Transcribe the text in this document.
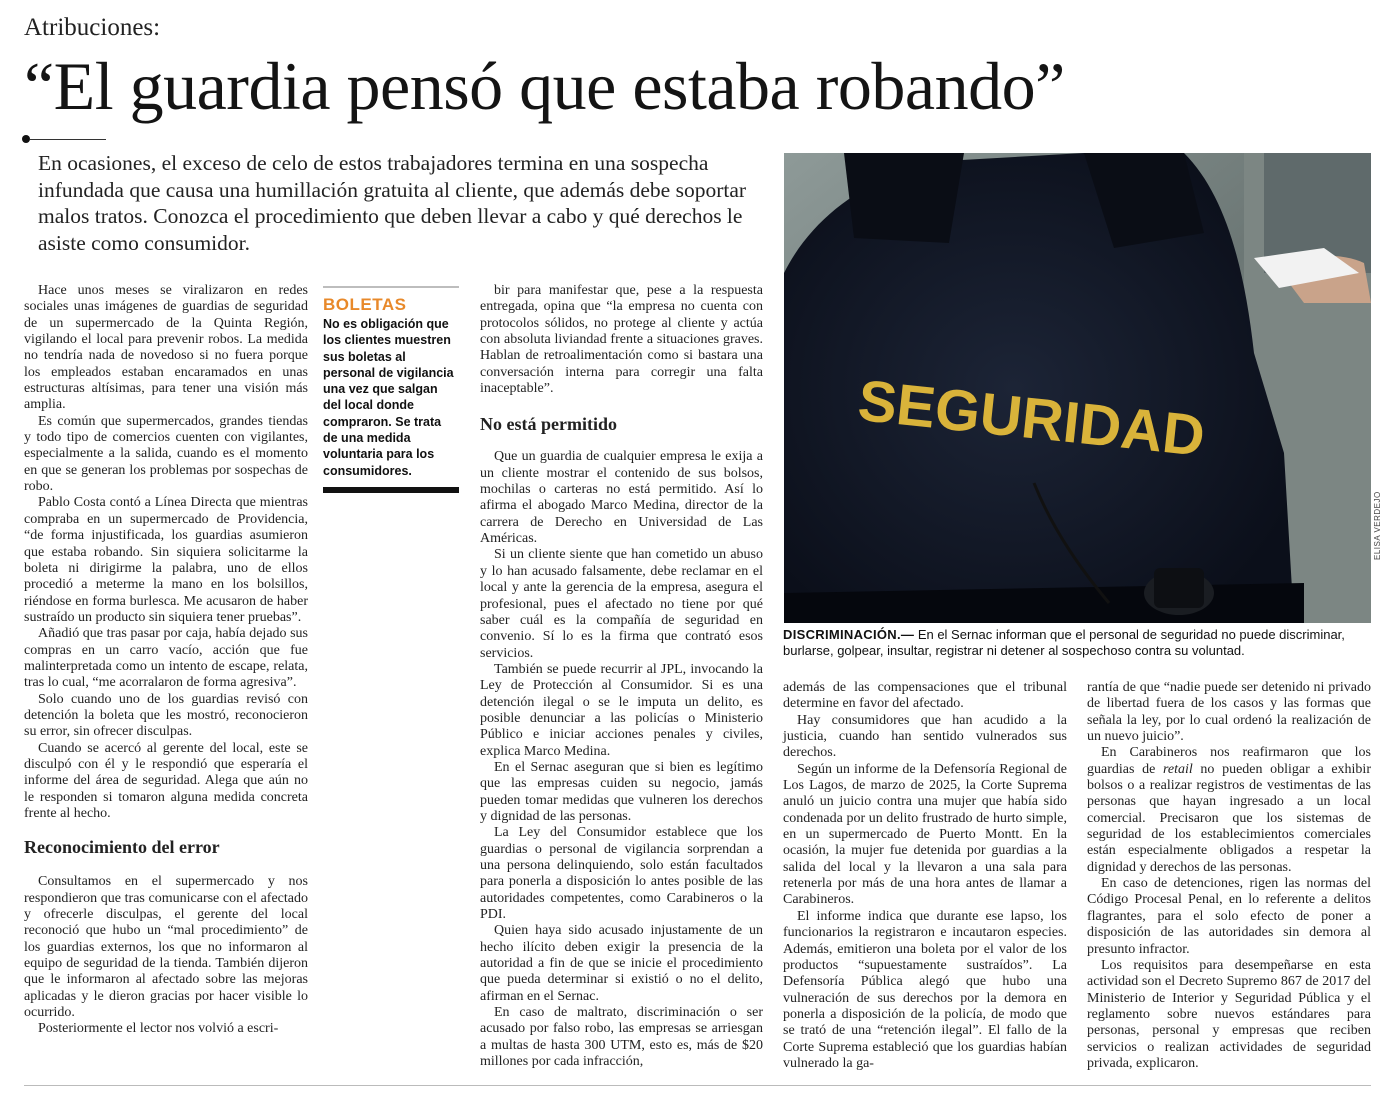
Atribuciones:
“El guardia pensó que estaba robando”
En ocasiones, el exceso de celo de estos trabajadores termina en una sospecha infundada que causa una humillación gratuita al cliente, que además debe soportar malos tratos. Conozca el procedimiento que deben llevar a cabo y qué derechos le asiste como consumidor.

Hace unos meses se viralizaron en redes sociales unas imágenes de guardias de seguridad de un supermercado de la Quinta Región, vigilando el local para prevenir robos. La medida no tendría nada de novedoso si no fuera porque los empleados estaban encaramados en unas estructuras altísimas, para tener una visión más amplia.

Es común que supermercados, grandes tiendas y todo tipo de comercios cuenten con vigilantes, especialmente a la salida, cuando es el momento en que se generan los problemas por sospechas de robo.

Pablo Costa contó a Línea Directa que mientras compraba en un supermercado de Providencia, “de forma injustificada, los guardias asumieron que estaba robando. Sin siquiera solicitarme la boleta ni dirigirme la palabra, uno de ellos procedió a meterme la mano en los bolsillos, riéndose en forma burlesca. Me acusaron de haber sustraído un producto sin siquiera tener pruebas”.

Añadió que tras pasar por caja, había dejado sus compras en un carro vacío, acción que fue malinterpretada como un intento de escape, relata, tras lo cual, “me acorralaron de forma agresiva”.

Solo cuando uno de los guardias revisó con detención la boleta que les mostró, reconocieron su error, sin ofrecer disculpas.

Cuando se acercó al gerente del local, este se disculpó con él y le respondió que esperaría el informe del área de seguridad. Alega que aún no le responden si tomaron alguna medida concreta frente al hecho.

Reconocimiento del error

Consultamos en el supermercado y nos respondieron que tras comunicarse con el afectado y ofrecerle disculpas, el gerente del local reconoció que hubo un “mal procedimiento” de los guardias externos, los que no informaron al equipo de seguridad de la tienda. También dijeron que le informaron al afectado sobre las mejoras aplicadas y le dieron gracias por hacer visible lo ocurrido.

Posteriormente el lector nos volvió a escri-

BOLETAS
No es obligación que los clientes muestren sus boletas al personal de vigilancia una vez que salgan del local donde compraron. Se trata de una medida voluntaria para los consumidores.

bir para manifestar que, pese a la respuesta entregada, opina que “la empresa no cuenta con protocolos sólidos, no protege al cliente y actúa con absoluta liviandad frente a situaciones graves. Hablan de retroalimentación como si bastara una conversación interna para corregir una falta inaceptable”.

No está permitido

Que un guardia de cualquier empresa le exija a un cliente mostrar el contenido de sus bolsos, mochilas o carteras no está permitido. Así lo afirma el abogado Marco Medina, director de la carrera de Derecho en Universidad de Las Américas.

Si un cliente siente que han cometido un abuso y lo han acusado falsamente, debe reclamar en el local y ante la gerencia de la empresa, asegura el profesional, pues el afectado no tiene por qué saber cuál es la compañía de seguridad en convenio. Sí lo es la firma que contrató esos servicios.

También se puede recurrir al JPL, invocando la Ley de Protección al Consumidor. Si es una detención ilegal o se le imputa un delito, es posible denunciar a las policías o Ministerio Público e iniciar acciones penales y civiles, explica Marco Medina.

En el Sernac aseguran que si bien es legítimo que las empresas cuiden su negocio, jamás pueden tomar medidas que vulneren los derechos y dignidad de las personas.

La Ley del Consumidor establece que los guardias o personal de vigilancia sorprendan a una persona delinquiendo, solo están facultados para ponerla a disposición lo antes posible de las autoridades competentes, como Carabineros o la PDI.

Quien haya sido acusado injustamente de un hecho ilícito deben exigir la presencia de la autoridad a fin de que se inicie el procedimiento que pueda determinar si existió o no el delito, afirman en el Sernac.

En caso de maltrato, discriminación o ser acusado por falso robo, las empresas se arriesgan a multas de hasta 300 UTM, esto es, más de $20 millones por cada infracción,

SEGURIDAD
ELISA VERDEJO
DISCRIMINACIÓN.— En el Sernac informan que el personal de seguridad no puede discriminar, burlarse, golpear, insultar, registrar ni detener al sospechoso contra su voluntad.

además de las compensaciones que el tribunal determine en favor del afectado.

Hay consumidores que han acudido a la justicia, cuando han sentido vulnerados sus derechos.

Según un informe de la Defensoría Regional de Los Lagos, de marzo de 2025, la Corte Suprema anuló un juicio contra una mujer que había sido condenada por un delito frustrado de hurto simple, en un supermercado de Puerto Montt. En la ocasión, la mujer fue detenida por guardias a la salida del local y la llevaron a una sala para retenerla por más de una hora antes de llamar a Carabineros.

El informe indica que durante ese lapso, los funcionarios la registraron e incautaron especies. Además, emitieron una boleta por el valor de los productos “supuestamente sustraídos”. La Defensoría Pública alegó que hubo una vulneración de sus derechos por la demora en ponerla a disposición de la policía, de modo que se trató de una “retención ilegal”. El fallo de la Corte Suprema estableció que los guardias habían vulnerado la ga-

rantía de que “nadie puede ser detenido ni privado de libertad fuera de los casos y las formas que señala la ley, por lo cual ordenó la realización de un nuevo juicio”.

En Carabineros nos reafirmaron que los guardias de retail no pueden obligar a exhibir bolsos o a realizar registros de vestimentas de las personas que hayan ingresado a un local comercial. Precisaron que los sistemas de seguridad de los establecimientos comerciales están especialmente obligados a respetar la dignidad y derechos de las personas.

En caso de detenciones, rigen las normas del Código Procesal Penal, en lo referente a delitos flagrantes, para el solo efecto de poner a disposición de las autoridades sin demora al presunto infractor.

Los requisitos para desempeñarse en esta actividad son el Decreto Supremo 867 de 2017 del Ministerio de Interior y Seguridad Pública y el reglamento sobre nuevos estándares para personas, personal y empresas que reciben servicios o realizan actividades de seguridad privada, explicaron.
